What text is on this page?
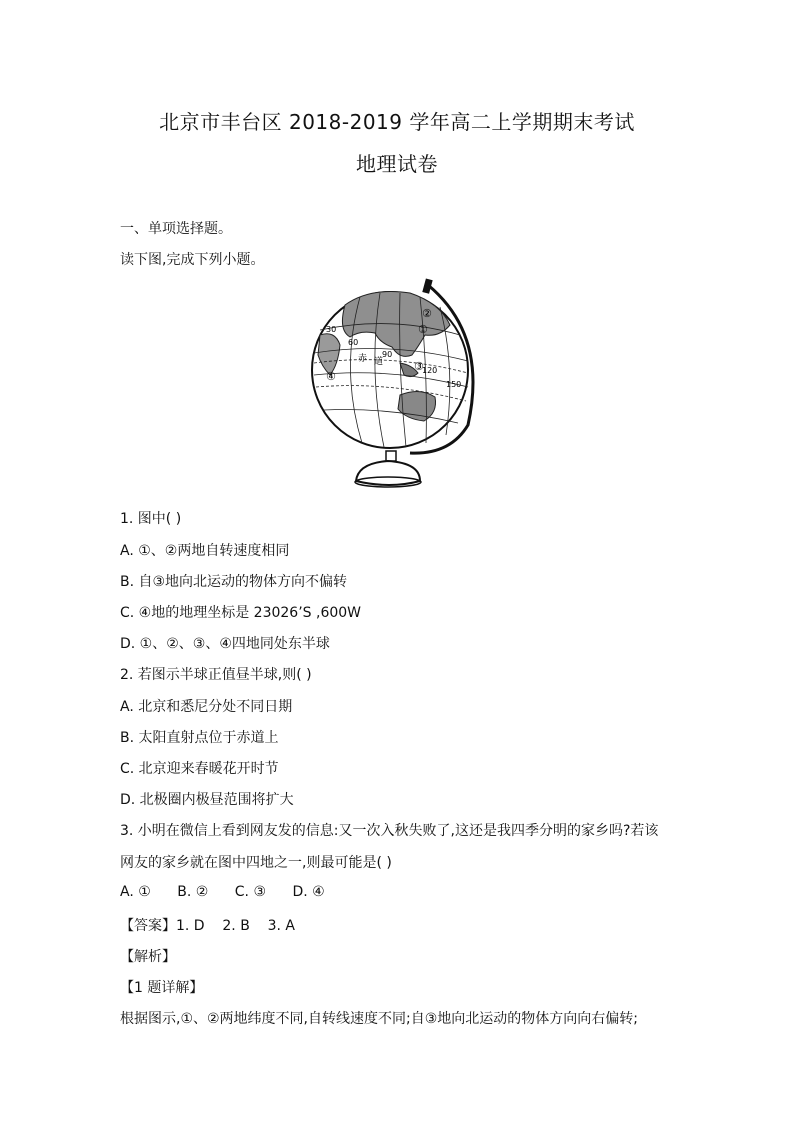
北京市丰台区 2018-2019 学年高二上学期期末考试
地理试卷
一、单项选择题。
读下图,完成下列小题。
②
①
③
④
30
60
90
120
150
赤 道
1. 图中( )
A. ①、②两地自转速度相同
B. 自③地向北运动的物体方向不偏转
C. ④地的地理坐标是 23026’S ,600W
D. ①、②、③、④四地同处东半球
2. 若图示半球正值昼半球,则( )
A. 北京和悉尼分处不同日期
B. 太阳直射点位于赤道上
C. 北京迎来春暖花开时节
D. 北极圈内极昼范围将扩大
3. 小明在微信上看到网友发的信息:又一次入秋失败了,这还是我四季分明的家乡吗?若该
网友的家乡就在图中四地之一,则最可能是( )
A. ① B. ② C. ③ D. ④
【答案】1. D    2. B    3. A
【解析】
【1 题详解】
根据图示,①、②两地纬度不同,自转线速度不同;自③地向北运动的物体方向向右偏转;
